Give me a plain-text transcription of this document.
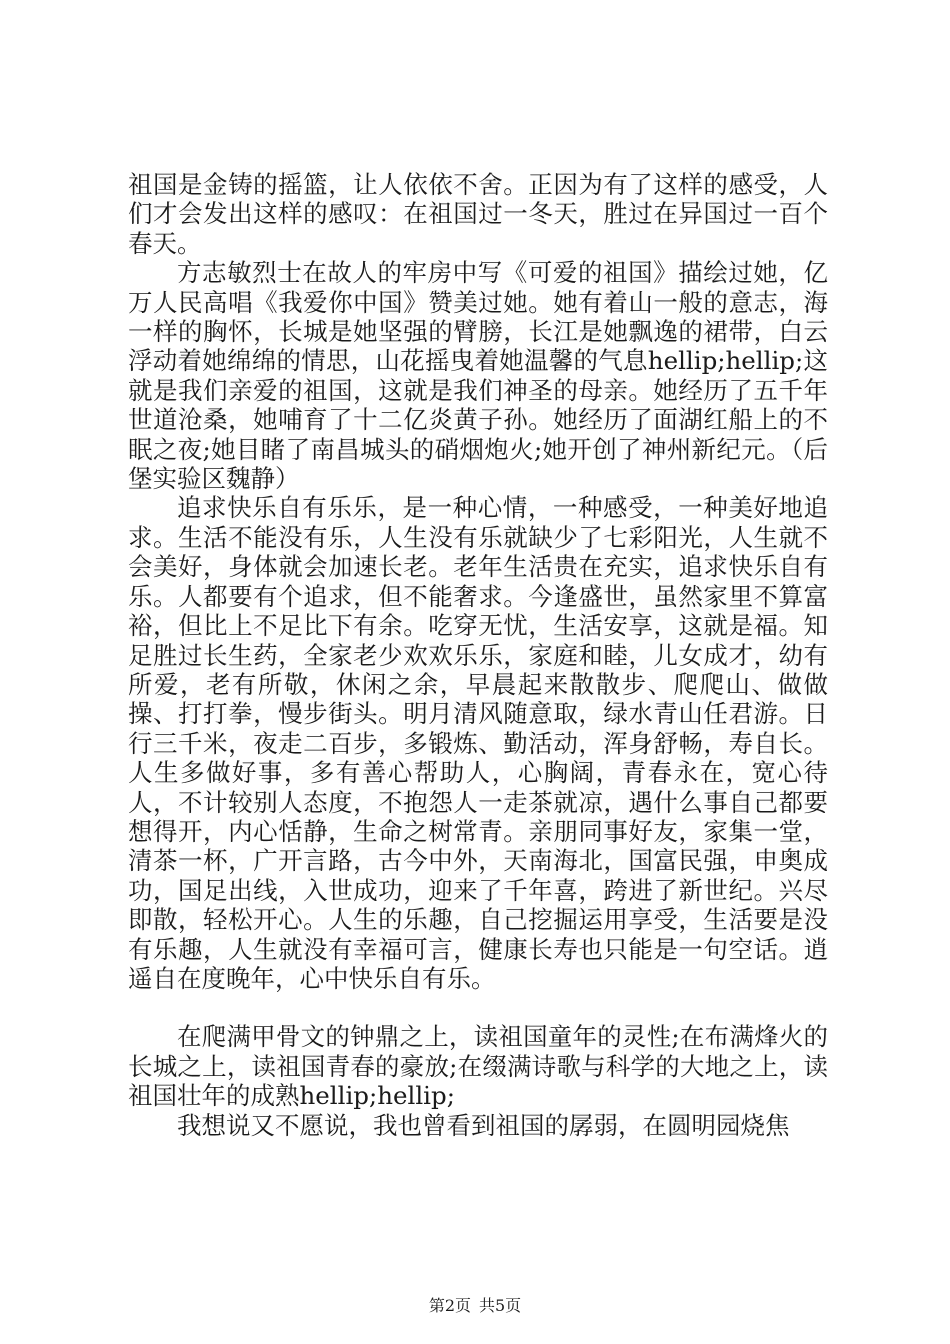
祖国是金铸的摇篮，让人依依不舍。正因为有了这样的感受，人们才会发出这样的感叹：在祖国过一冬天，胜过在异国过一百个春天。

方志敏烈士在故人的牢房中写《可爱的祖国》描绘过她，亿万人民高唱《我爱你中国》赞美过她。她有着山一般的意志，海一样的胸怀，长城是她坚强的臂膀，长江是她飘逸的裙带，白云浮动着她绵绵的情思，山花摇曳着她温馨的气息hellip;hellip;这就是我们亲爱的祖国，这就是我们神圣的母亲。她经历了五千年世道沧桑，她哺育了十二亿炎黄子孙。她经历了面湖红船上的不眠之夜;她目睹了南昌城头的硝烟炮火;她开创了神州新纪元。（后堡实验区魏静）

追求快乐自有乐乐，是一种心情，一种感受，一种美好地追求。生活不能没有乐，人生没有乐就缺少了七彩阳光，人生就不会美好，身体就会加速长老。老年生活贵在充实，追求快乐自有乐。人都要有个追求，但不能奢求。今逢盛世，虽然家里不算富裕，但比上不足比下有余。吃穿无忧，生活安享，这就是福。知足胜过长生药，全家老少欢欢乐乐，家庭和睦，儿女成才，幼有所爱，老有所敬，休闲之余，早晨起来散散步、爬爬山、做做操、打打拳，慢步街头。明月清风随意取，绿水青山任君游。日行三千米，夜走二百步，多锻炼、勤活动，浑身舒畅，寿自长。人生多做好事，多有善心帮助人，心胸阔，青春永在，宽心待人，不计较别人态度，不抱怨人一走茶就凉，遇什么事自己都要想得开，内心恬静，生命之树常青。亲朋同事好友，家集一堂，清茶一杯，广开言路，古今中外，天南海北，国富民强，申奥成功，国足出线，入世成功，迎来了千年喜，跨进了新世纪。兴尽即散，轻松开心。人生的乐趣，自己挖掘运用享受，生活要是没有乐趣，人生就没有幸福可言，健康长寿也只能是一句空话。逍遥自在度晚年，心中快乐自有乐。

在爬满甲骨文的钟鼎之上，读祖国童年的灵性;在布满烽火的长城之上，读祖国青春的豪放;在缀满诗歌与科学的大地之上，读祖国壮年的成熟hellip;hellip;

我想说又不愿说，我也曾看到祖国的孱弱，在圆明园烧焦

第2页 共5页
